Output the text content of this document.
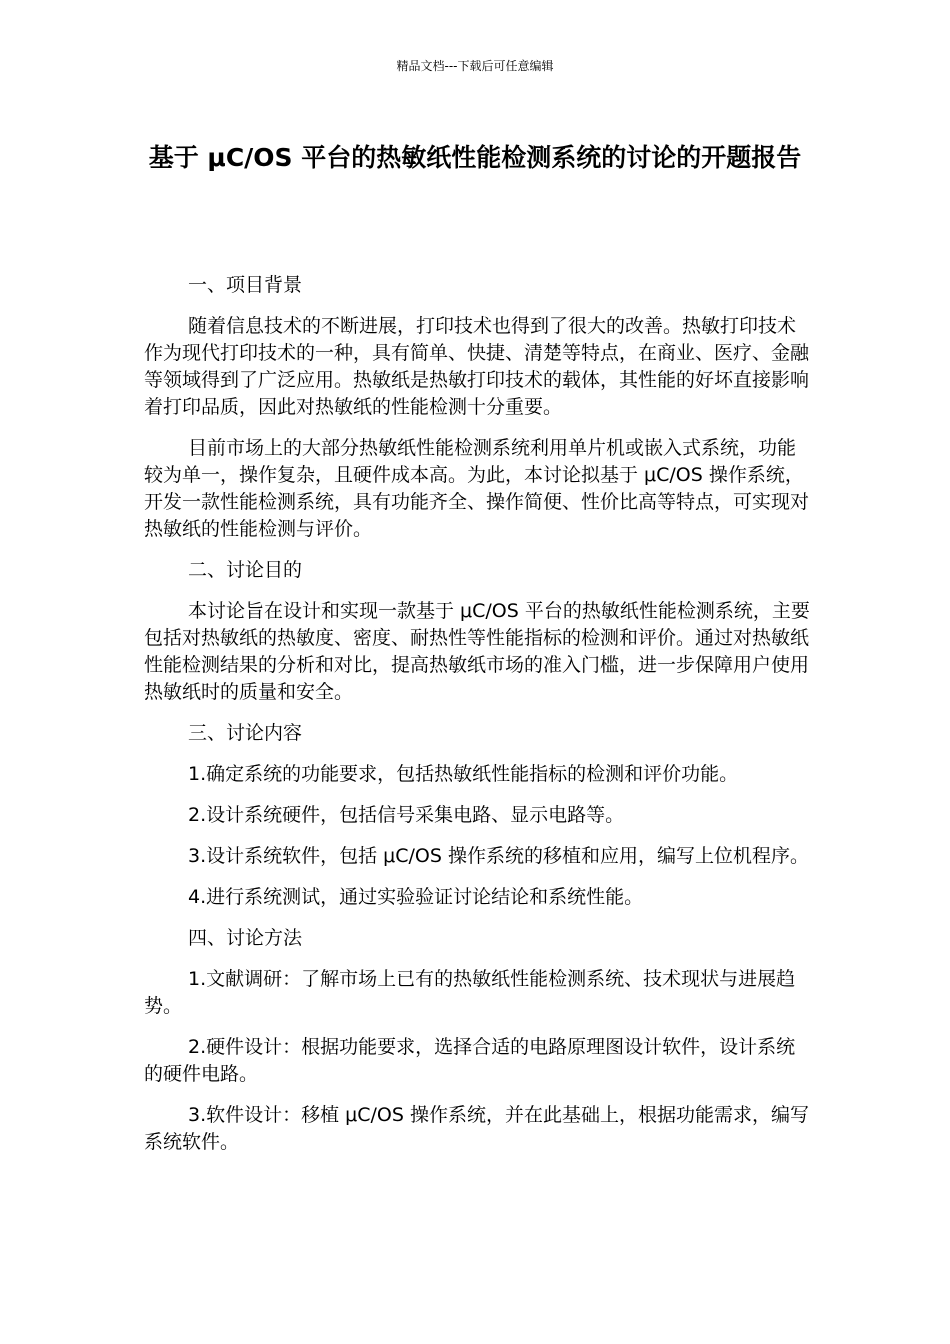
精品文档---下载后可任意编辑
基于 μC/OS 平台的热敏纸性能检测系统的讨论的开题报告

一、项目背景

随着信息技术的不断进展，打印技术也得到了很大的改善。热敏打印技术作为现代打印技术的一种，具有简单、快捷、清楚等特点，在商业、医疗、金融等领域得到了广泛应用。热敏纸是热敏打印技术的载体，其性能的好坏直接影响着打印品质，因此对热敏纸的性能检测十分重要。

目前市场上的大部分热敏纸性能检测系统利用单片机或嵌入式系统，功能较为单一，操作复杂，且硬件成本高。为此，本讨论拟基于 μC/OS 操作系统，开发一款性能检测系统，具有功能齐全、操作简便、性价比高等特点，可实现对热敏纸的性能检测与评价。

二、讨论目的

本讨论旨在设计和实现一款基于 μC/OS 平台的热敏纸性能检测系统，主要包括对热敏纸的热敏度、密度、耐热性等性能指标的检测和评价。通过对热敏纸性能检测结果的分析和对比，提高热敏纸市场的准入门槛，进一步保障用户使用热敏纸时的质量和安全。

三、讨论内容

1.确定系统的功能要求，包括热敏纸性能指标的检测和评价功能。

2.设计系统硬件，包括信号采集电路、显示电路等。

3.设计系统软件，包括 μC/OS 操作系统的移植和应用，编写上位机程序。

4.进行系统测试，通过实验验证讨论结论和系统性能。

四、讨论方法

1.文献调研：了解市场上已有的热敏纸性能检测系统、技术现状与进展趋势。

2.硬件设计：根据功能要求，选择合适的电路原理图设计软件，设计系统的硬件电路。

3.软件设计：移植 μC/OS 操作系统，并在此基础上，根据功能需求，编写系统软件。
